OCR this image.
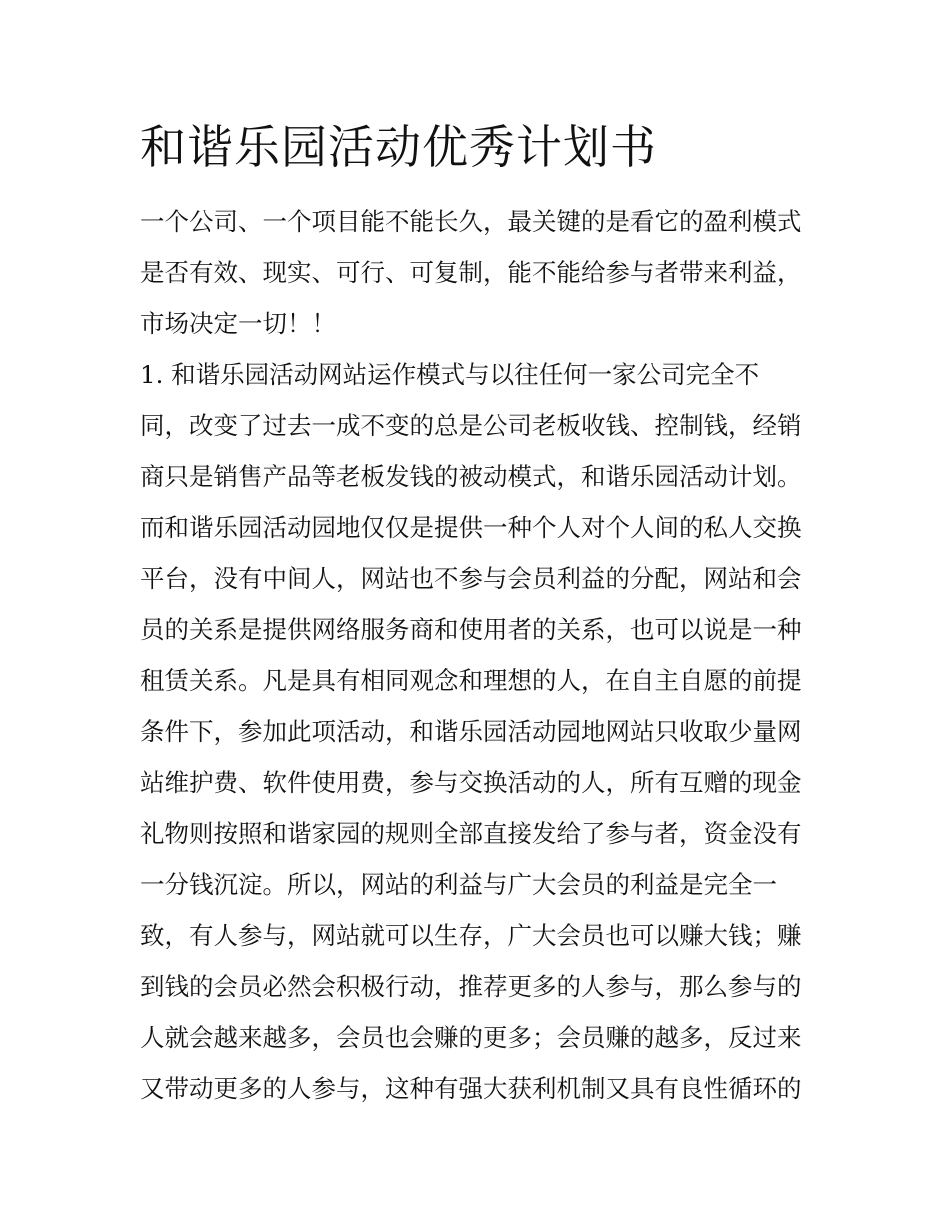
和谐乐园活动优秀计划书
一个公司、一个项目能不能长久，最关键的是看它的盈利模式
是否有效、现实、可行、可复制，能不能给参与者带来利益，
市场决定一切！！
1. 和谐乐园活动网站运作模式与以往任何一家公司完全不
同，改变了过去一成不变的总是公司老板收钱、控制钱，经销
商只是销售产品等老板发钱的被动模式，和谐乐园活动计划。
而和谐乐园活动园地仅仅是提供一种个人对个人间的私人交换
平台，没有中间人，网站也不参与会员利益的分配，网站和会
员的关系是提供网络服务商和使用者的关系，也可以说是一种
租赁关系。凡是具有相同观念和理想的人，在自主自愿的前提
条件下，参加此项活动，和谐乐园活动园地网站只收取少量网
站维护费、软件使用费，参与交换活动的人，所有互赠的现金
礼物则按照和谐家园的规则全部直接发给了参与者，资金没有
一分钱沉淀。所以，网站的利益与广大会员的利益是完全一
致，有人参与，网站就可以生存，广大会员也可以赚大钱；赚
到钱的会员必然会积极行动，推荐更多的人参与，那么参与的
人就会越来越多，会员也会赚的更多；会员赚的越多，反过来
又带动更多的人参与，这种有强大获利机制又具有良性循环的
